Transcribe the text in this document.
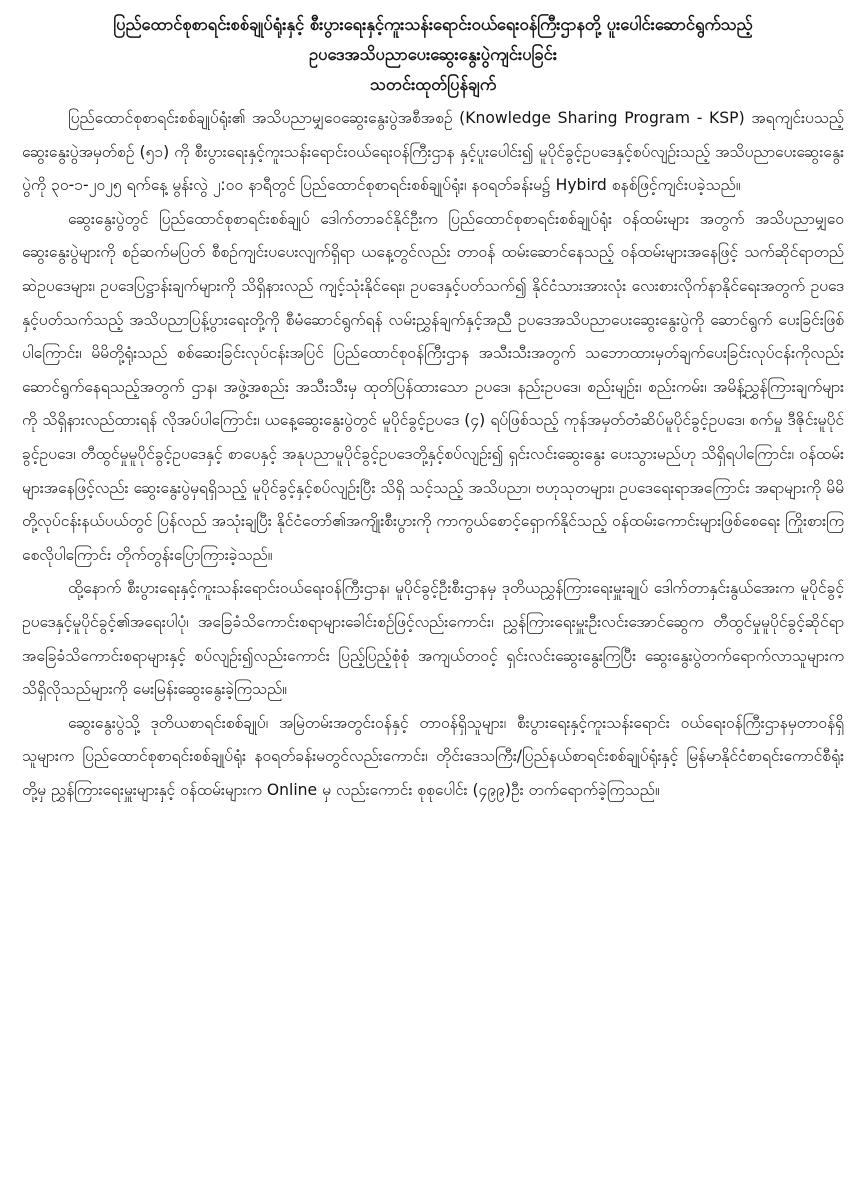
ပြည်ထောင်စုစာရင်းစစ်ချုပ်ရုံးနှင့် စီးပွားရေးနှင့်ကူးသန်းရောင်းဝယ်ရေးဝန်ကြီးဌာနတို့ ပူးပေါင်းဆောင်ရွက်သည့်
ဥပဒေအသိပညာပေးဆွေးနွေးပွဲကျင်းပခြင်း
သတင်းထုတ်ပြန်ချက်

ပြည်ထောင်စုစာရင်းစစ်ချုပ်ရုံး၏ အသိပညာမျှဝေဆွေးနွေးပွဲအစီအစဉ် (Knowledge Sharing Program - KSP) အရကျင်းပသည့် ဆွေးနွေးပွဲအမှတ်စဉ် (၅၁) ကို စီးပွားရေးနှင့်ကူးသန်းရောင်းဝယ်ရေးဝန်ကြီးဌာန နှင့်ပူးပေါင်း၍ မူပိုင်ခွင့်ဥပဒေနှင့်စပ်လျဉ်းသည့် အသိပညာပေးဆွေးနွေးပွဲကို ၃၀-၁-၂၀၂၅ ရက်နေ့ မွန်းလွဲ ၂:၀၀ နာရီတွင် ပြည်ထောင်စုစာရင်းစစ်ချုပ်ရုံး၊ နဝရတ်ခန်းမ၌ Hybird စနစ်ဖြင့်ကျင်းပခဲ့သည်။

ဆွေးနွေးပွဲတွင် ပြည်ထောင်စုစာရင်းစစ်ချုပ် ဒေါက်တာခင်နိုင်ဦးက ပြည်ထောင်စုစာရင်းစစ်ချုပ်ရုံး ဝန်ထမ်းများ အတွက် အသိပညာမျှဝေဆွေးနွေးပွဲများကို စဉ်ဆက်မပြတ် စီစဉ်ကျင်းပပေးလျက်ရှိရာ ယနေ့တွင်လည်း တာဝန် ထမ်းဆောင်နေသည့် ဝန်ထမ်းများအနေဖြင့် သက်ဆိုင်ရာတည်ဆဲဥပဒေများ၊ ဥပဒေပြဋ္ဌာန်းချက်များကို သိရှိနားလည် ကျင့်သုံးနိုင်ရေး၊ ဥပဒေနှင့်ပတ်သက်၍ နိုင်ငံသားအားလုံး လေးစားလိုက်နာနိုင်ရေးအတွက် ဥပဒေနှင့်ပတ်သက်သည့် အသိပညာပြန့်ပွားရေးတို့ကို စီမံဆောင်ရွက်ရန် လမ်းညွှန်ချက်နှင့်အညီ ဥပဒေအသိပညာပေးဆွေးနွေးပွဲကို ဆောင်ရွက် ပေးခြင်းဖြစ်ပါကြောင်း၊ မိမိတို့ရုံးသည် စစ်ဆေးခြင်းလုပ်ငန်းအပြင် ပြည်ထောင်စုဝန်ကြီးဌာန အသီးသီးအတွက် သဘောထားမှတ်ချက်ပေးခြင်းလုပ်ငန်းကိုလည်း ဆောင်ရွက်နေရသည့်အတွက် ဌာန၊ အဖွဲ့အစည်း အသီးသီးမှ ထုတ်ပြန်ထားသော ဥပဒေ၊ နည်းဥပဒေ၊ စည်းမျဉ်း၊ စည်းကမ်း၊ အမိန့်ညွှန်ကြားချက်များကို သိရှိနားလည်ထားရန် လိုအပ်ပါကြောင်း၊ ယနေ့ဆွေးနွေးပွဲတွင် မူပိုင်ခွင့်ဥပဒေ (၄) ရပ်ဖြစ်သည့် ကုန်အမှတ်တံဆိပ်မူပိုင်ခွင့်ဥပဒေ၊ စက်မှု ဒီဇိုင်းမူပိုင်ခွင့်ဥပဒေ၊ တီထွင်မှုမူပိုင်ခွင့်ဥပဒေနှင့် စာပေနှင့် အနုပညာမူပိုင်ခွင့်ဥပဒေတို့နှင့်စပ်လျဉ်း၍ ရှင်းလင်းဆွေးနွေး ပေးသွားမည်ဟု သိရှိရပါကြောင်း၊ ဝန်ထမ်းများအနေဖြင့်လည်း ဆွေးနွေးပွဲမှရရှိသည့် မူပိုင်ခွင့်နှင့်စပ်လျဉ်းပြီး သိရှိ သင့်သည့် အသိပညာ၊ ဗဟုသုတများ၊ ဥပဒေရေးရာအကြောင်း အရာများကို မိမိတို့လုပ်ငန်းနယ်ပယ်တွင် ပြန်လည် အသုံးချပြီး နိုင်ငံတော်၏အကျိုးစီးပွားကို ကာကွယ်စောင့်ရှောက်နိုင်သည့် ဝန်ထမ်းကောင်းများဖြစ်စေရေး ကြိုးစားကြ စေလိုပါကြောင်း တိုက်တွန်းပြောကြားခဲ့သည်။

ထို့နောက် စီးပွားရေးနှင့်ကူးသန်းရောင်းဝယ်ရေးဝန်ကြီးဌာန၊ မူပိုင်ခွင့်ဦးစီးဌာနမှ ဒုတိယညွှန်ကြားရေးမှူးချုပ် ဒေါက်တာနှင်းနွယ်အေးက မူပိုင်ခွင့်ဥပဒေနှင့်မူပိုင်ခွင့်၏အရေးပါပုံ၊ အခြေခံသိကောင်းစရာများခေါင်းစဉ်ဖြင့်လည်းကောင်း၊ ညွှန်ကြားရေးမှူးဦးလင်းအောင်ဆွေက တီထွင်မှုမူပိုင်ခွင့်ဆိုင်ရာအခြေခံသိကောင်းစရာများနှင့် စပ်လျဉ်း၍လည်းကောင်း ပြည့်ပြည့်စုံစုံ အကျယ်တဝင့် ရှင်းလင်းဆွေးနွေးကြပြီး ဆွေးနွေးပွဲတက်ရောက်လာသူများက သိရှိလိုသည်များကို မေးမြန်းဆွေးနွေးခဲ့ကြသည်။

ဆွေးနွေးပွဲသို့ ဒုတိယစာရင်းစစ်ချုပ်၊ အမြဲတမ်းအတွင်းဝန်နှင့် တာဝန်ရှိသူများ၊ စီးပွားရေးနှင့်ကူးသန်းရောင်း ဝယ်ရေးဝန်ကြီးဌာနမှတာဝန်ရှိသူများက ပြည်ထောင်စုစာရင်းစစ်ချုပ်ရုံး နဝရတ်ခန်းမတွင်လည်းကောင်း၊ တိုင်းဒေသကြီး/ပြည်နယ်စာရင်းစစ်ချုပ်ရုံးနှင့် မြန်မာနိုင်ငံစာရင်းကောင်စီရုံးတို့မှ ညွှန်ကြားရေးမှူးများနှင့် ဝန်ထမ်းများက Online မှ လည်းကောင်း စုစုပေါင်း (၄၉၉)ဦး တက်ရောက်ခဲ့ကြသည်။
